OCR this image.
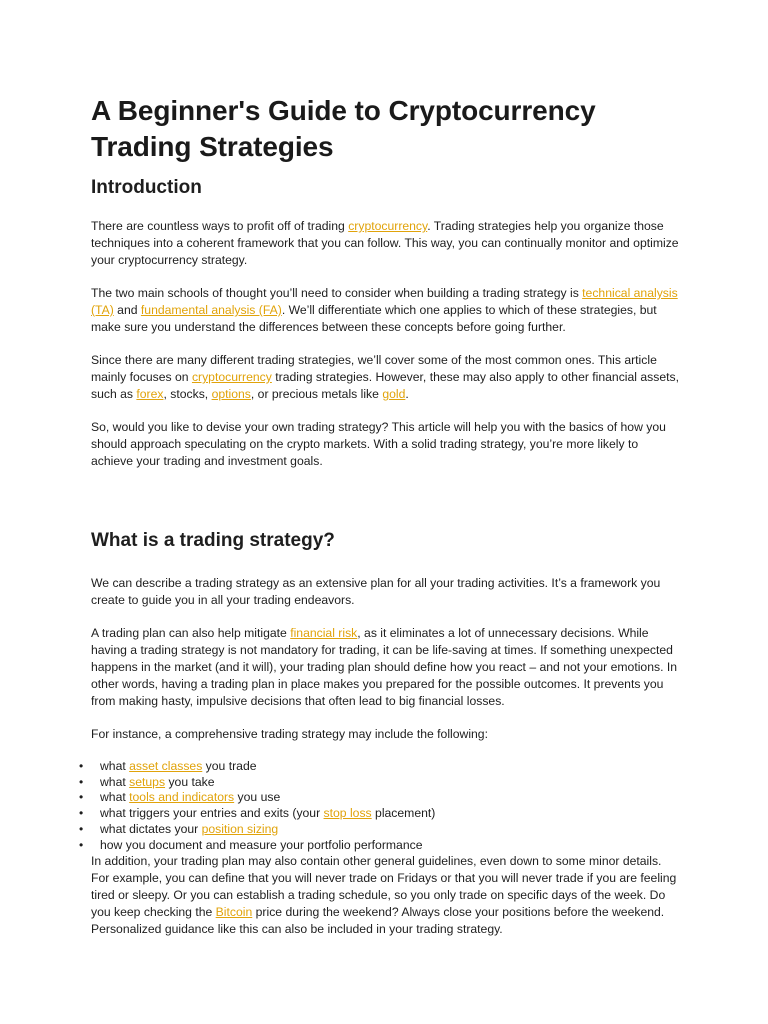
A Beginner's Guide to Cryptocurrency Trading Strategies
Introduction

There are countless ways to profit off of trading cryptocurrency. Trading strategies help you organize those techniques into a coherent framework that you can follow. This way, you can continually monitor and optimize your cryptocurrency strategy.

The two main schools of thought you’ll need to consider when building a trading strategy is technical analysis (TA) and fundamental analysis (FA). We’ll differentiate which one applies to which of these strategies, but make sure you understand the differences between these concepts before going further.

Since there are many different trading strategies, we’ll cover some of the most common ones. This article mainly focuses on cryptocurrency trading strategies. However, these may also apply to other financial assets, such as forex, stocks, options, or precious metals like gold.

So, would you like to devise your own trading strategy? This article will help you with the basics of how you should approach speculating on the crypto markets. With a solid trading strategy, you’re more likely to achieve your trading and investment goals.

What is a trading strategy?

We can describe a trading strategy as an extensive plan for all your trading activities. It’s a framework you create to guide you in all your trading endeavors.

A trading plan can also help mitigate financial risk, as it eliminates a lot of unnecessary decisions. While having a trading strategy is not mandatory for trading, it can be life-saving at times. If something unexpected happens in the market (and it will), your trading plan should define how you react – and not your emotions. In other words, having a trading plan in place makes you prepared for the possible outcomes. It prevents you from making hasty, impulsive decisions that often lead to big financial losses.

For instance, a comprehensive trading strategy may include the following:

• what asset classes you trade
• what setups you take
• what tools and indicators you use
• what triggers your entries and exits (your stop loss placement)
• what dictates your position sizing
• how you document and measure your portfolio performance

In addition, your trading plan may also contain other general guidelines, even down to some minor details. For example, you can define that you will never trade on Fridays or that you will never trade if you are feeling tired or sleepy. Or you can establish a trading schedule, so you only trade on specific days of the week. Do you keep checking the Bitcoin price during the weekend? Always close your positions before the weekend. Personalized guidance like this can also be included in your trading strategy.
